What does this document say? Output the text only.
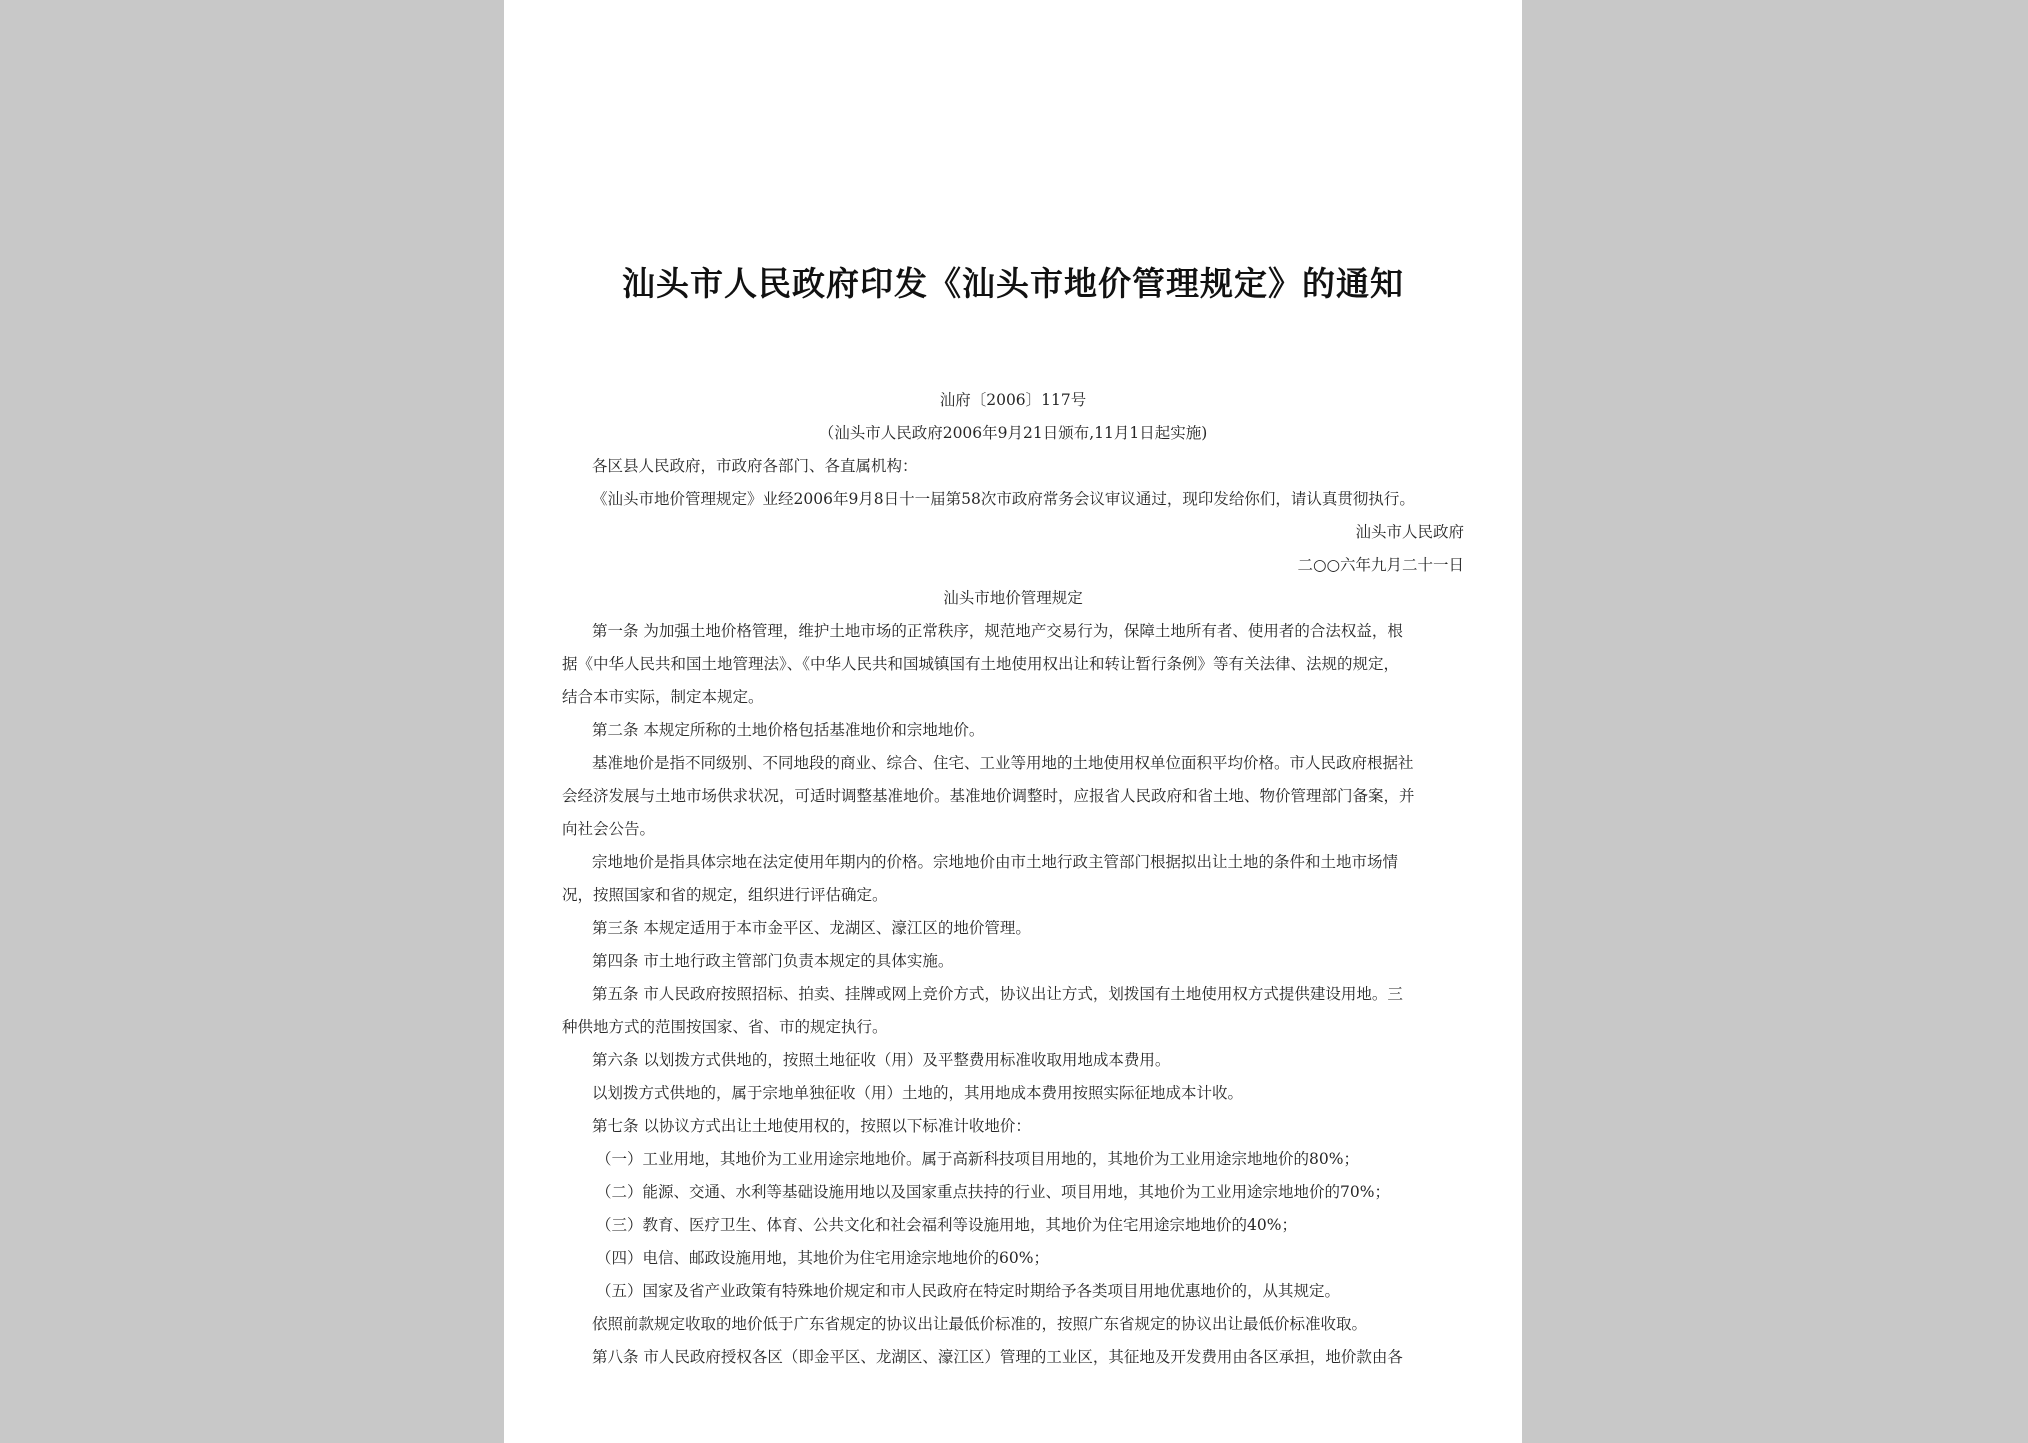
汕头市人民政府印发《汕头市地价管理规定》的通知
汕府〔2006〕117号
（汕头市人民政府2006年9月21日颁布,11月1日起实施)
各区县人民政府，市政府各部门、各直属机构：
《汕头市地价管理规定》业经2006年9月8日十一届第58次市政府常务会议审议通过，现印发给你们，请认真贯彻执行。
汕头市人民政府
二○○六年九月二十一日
汕头市地价管理规定
第一条 为加强土地价格管理，维护土地市场的正常秩序，规范地产交易行为，保障土地所有者、使用者的合法权益，根
据《中华人民共和国土地管理法》、《中华人民共和国城镇国有土地使用权出让和转让暂行条例》等有关法律、法规的规定，
结合本市实际，制定本规定。
第二条 本规定所称的土地价格包括基准地价和宗地地价。
基准地价是指不同级别、不同地段的商业、综合、住宅、工业等用地的土地使用权单位面积平均价格。市人民政府根据社
会经济发展与土地市场供求状况，可适时调整基准地价。基准地价调整时，应报省人民政府和省土地、物价管理部门备案，并
向社会公告。
宗地地价是指具体宗地在法定使用年期内的价格。宗地地价由市土地行政主管部门根据拟出让土地的条件和土地市场情
况，按照国家和省的规定，组织进行评估确定。
第三条 本规定适用于本市金平区、龙湖区、濠江区的地价管理。
第四条 市土地行政主管部门负责本规定的具体实施。
第五条 市人民政府按照招标、拍卖、挂牌或网上竞价方式，协议出让方式，划拨国有土地使用权方式提供建设用地。三
种供地方式的范围按国家、省、市的规定执行。
第六条 以划拨方式供地的，按照土地征收（用）及平整费用标准收取用地成本费用。
以划拨方式供地的，属于宗地单独征收（用）土地的，其用地成本费用按照实际征地成本计收。
第七条 以协议方式出让土地使用权的，按照以下标准计收地价：
（一）工业用地，其地价为工业用途宗地地价。属于高新科技项目用地的，其地价为工业用途宗地地价的80%；
（二）能源、交通、水利等基础设施用地以及国家重点扶持的行业、项目用地，其地价为工业用途宗地地价的70%；
（三）教育、医疗卫生、体育、公共文化和社会福利等设施用地，其地价为住宅用途宗地地价的40%；
（四）电信、邮政设施用地，其地价为住宅用途宗地地价的60%；
（五）国家及省产业政策有特殊地价规定和市人民政府在特定时期给予各类项目用地优惠地价的，从其规定。
依照前款规定收取的地价低于广东省规定的协议出让最低价标准的，按照广东省规定的协议出让最低价标准收取。
第八条 市人民政府授权各区（即金平区、龙湖区、濠江区）管理的工业区，其征地及开发费用由各区承担，地价款由各
